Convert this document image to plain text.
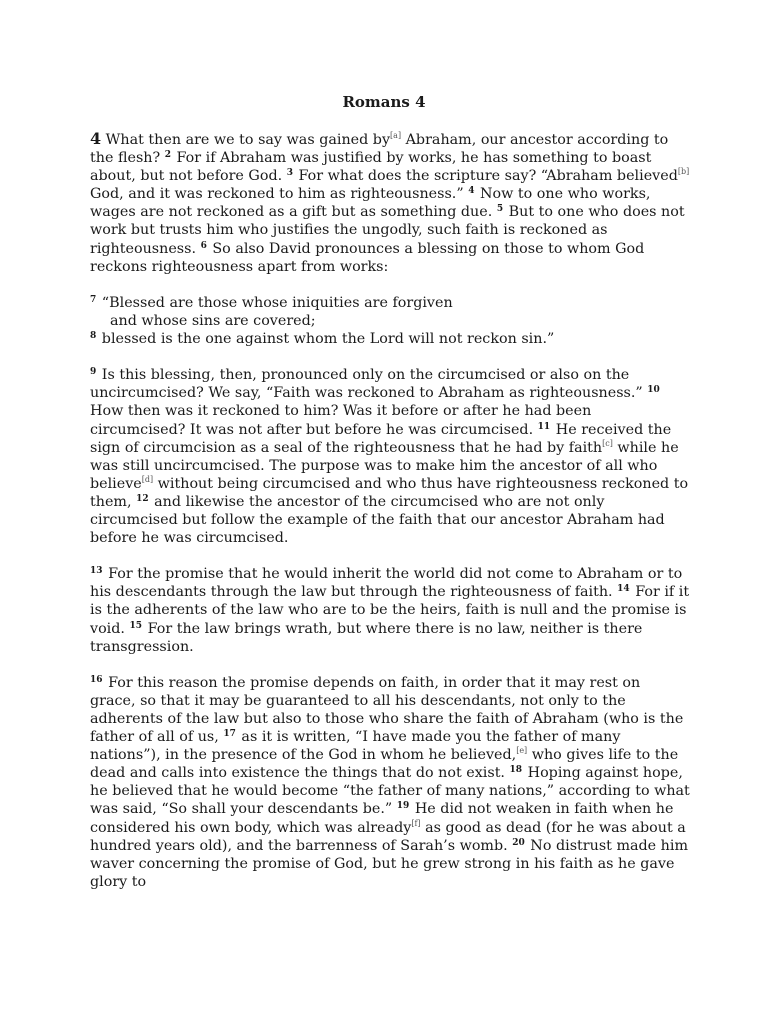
Romans 4

4 What then are we to say was gained by[a] Abraham, our ancestor according to the flesh? $^2$ For if Abraham was justified by works, he has something to boast about, but not before God. $^3$ For what does the scripture say? “Abraham believed[b] God, and it was reckoned to him as righteousness.” $^4$ Now to one who works, wages are not reckoned as a gift but as something due. $^5$ But to one who does not work but trusts him who justifies the ungodly, such faith is reckoned as righteousness. $^6$ So also David pronounces a blessing on those to whom God reckons righteousness apart from works:

$^7$ “Blessed are those whose iniquities are forgiven
and whose sins are covered;
$^8$ blessed is the one against whom the Lord will not reckon sin.”

$^9$ Is this blessing, then, pronounced only on the circumcised or also on the uncircumcised? We say, “Faith was reckoned to Abraham as righteousness.” $^{10}$ How then was it reckoned to him? Was it before or after he had been circumcised? It was not after but before he was circumcised. $^{11}$ He received the sign of circumcision as a seal of the righteousness that he had by faith[c] while he was still uncircumcised. The purpose was to make him the ancestor of all who believe[d] without being circumcised and who thus have righteousness reckoned to them, $^{12}$ and likewise the ancestor of the circumcised who are not only circumcised but follow the example of the faith that our ancestor Abraham had before he was circumcised.

$^{13}$ For the promise that he would inherit the world did not come to Abraham or to his descendants through the law but through the righteousness of faith. $^{14}$ For if it is the adherents of the law who are to be the heirs, faith is null and the promise is void. $^{15}$ For the law brings wrath, but where there is no law, neither is there transgression.

$^{16}$ For this reason the promise depends on faith, in order that it may rest on grace, so that it may be guaranteed to all his descendants, not only to the adherents of the law but also to those who share the faith of Abraham (who is the father of all of us, $^{17}$ as it is written, “I have made you the father of many nations”), in the presence of the God in whom he believed,[e] who gives life to the dead and calls into existence the things that do not exist. $^{18}$ Hoping against hope, he believed that he would become “the father of many nations,” according to what was said, “So shall your descendants be.” $^{19}$ He did not weaken in faith when he considered his own body, which was already[f] as good as dead (for he was about a hundred years old), and the barrenness of Sarah’s womb. $^{20}$ No distrust made him waver concerning the promise of God, but he grew strong in his faith as he gave glory to
